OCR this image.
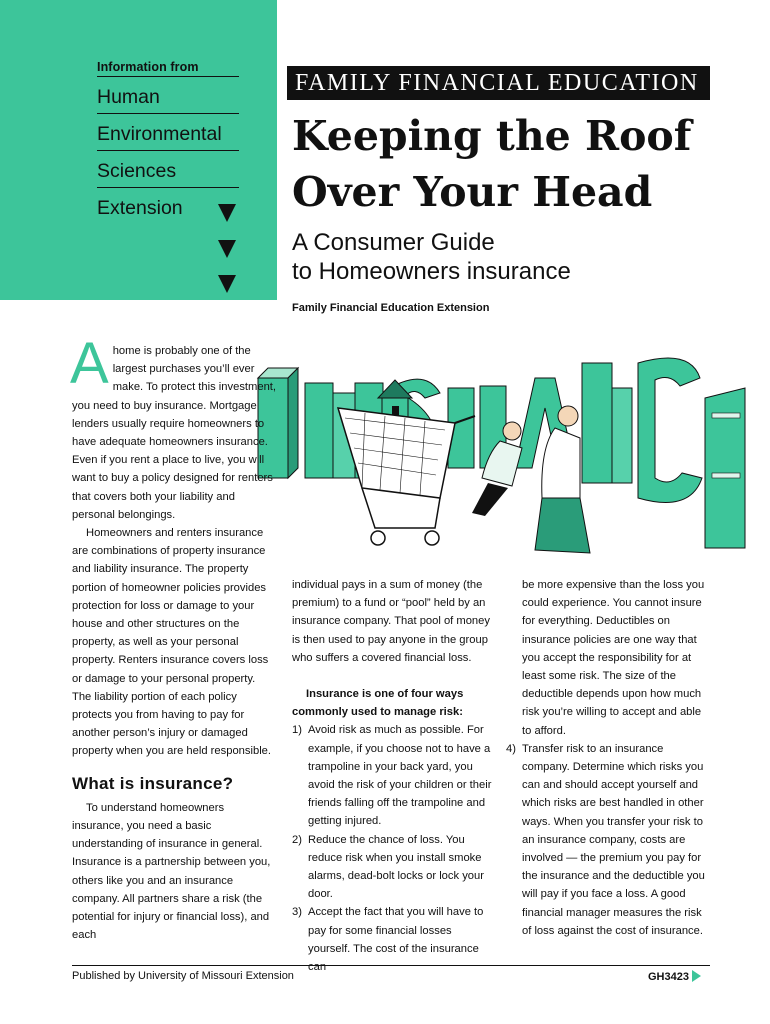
Information from
Human
Environmental
Sciences
Extension
FAMILY FINANCIAL EDUCATION
Keeping the Roof
Over Your Head
A Consumer Guide
to Homeowners insurance
Family Financial Education Extension

Ahome is probably one of the largest purchases you’ll ever make. To protect this investment, you need to buy insurance. Mortgage lenders usually require homeowners to have adequate homeowners insurance. Even if you rent a place to live, you will want to buy a policy designed for renters that covers both your liability and personal belongings.

Homeowners and renters insurance are combinations of property insurance and liability insurance. The property portion of homeowner policies provides protection for loss or damage to your house and other structures on the property, as well as your personal property. Renters insurance covers loss or damage to your personal property. The liability portion of each policy protects you from having to pay for another person’s injury or damaged property when you are held responsible.

What is insurance?

To understand homeowners insurance, you need a basic understanding of insurance in general. Insurance is a partnership between you, others like you and an insurance company. All partners share a risk (the potential for injury or financial loss), and each

individual pays in a sum of money (the premium) to a fund or “pool” held by an insurance company. That pool of money is then used to pay anyone in the group who suffers a covered financial loss.

Insurance is one of four ways commonly used to manage risk:

1) Avoid risk as much as possible. For example, if you choose not to have a trampoline in your back yard, you avoid the risk of your children or their friends falling off the trampoline and getting injured.
2) Reduce the chance of loss. You reduce risk when you install smoke alarms, dead-bolt locks or lock your door.
3) Accept the fact that you will have to pay for some financial losses yourself. The cost of the insurance can

be more expensive than the loss you could experience. You cannot insure for everything. Deductibles on insurance policies are one way that you accept the responsibility for at least some risk. The size of the deductible depends upon how much risk you’re willing to accept and able to afford.

4) Transfer risk to an insurance company. Determine which risks you can and should accept yourself and which risks are best handled in other ways. When you transfer your risk to an insurance company, costs are involved — the premium you pay for the insurance and the deductible you will pay if you face a loss. A good financial manager measures the risk of loss against the cost of insurance.
Published by University of Missouri Extension	GH3423
